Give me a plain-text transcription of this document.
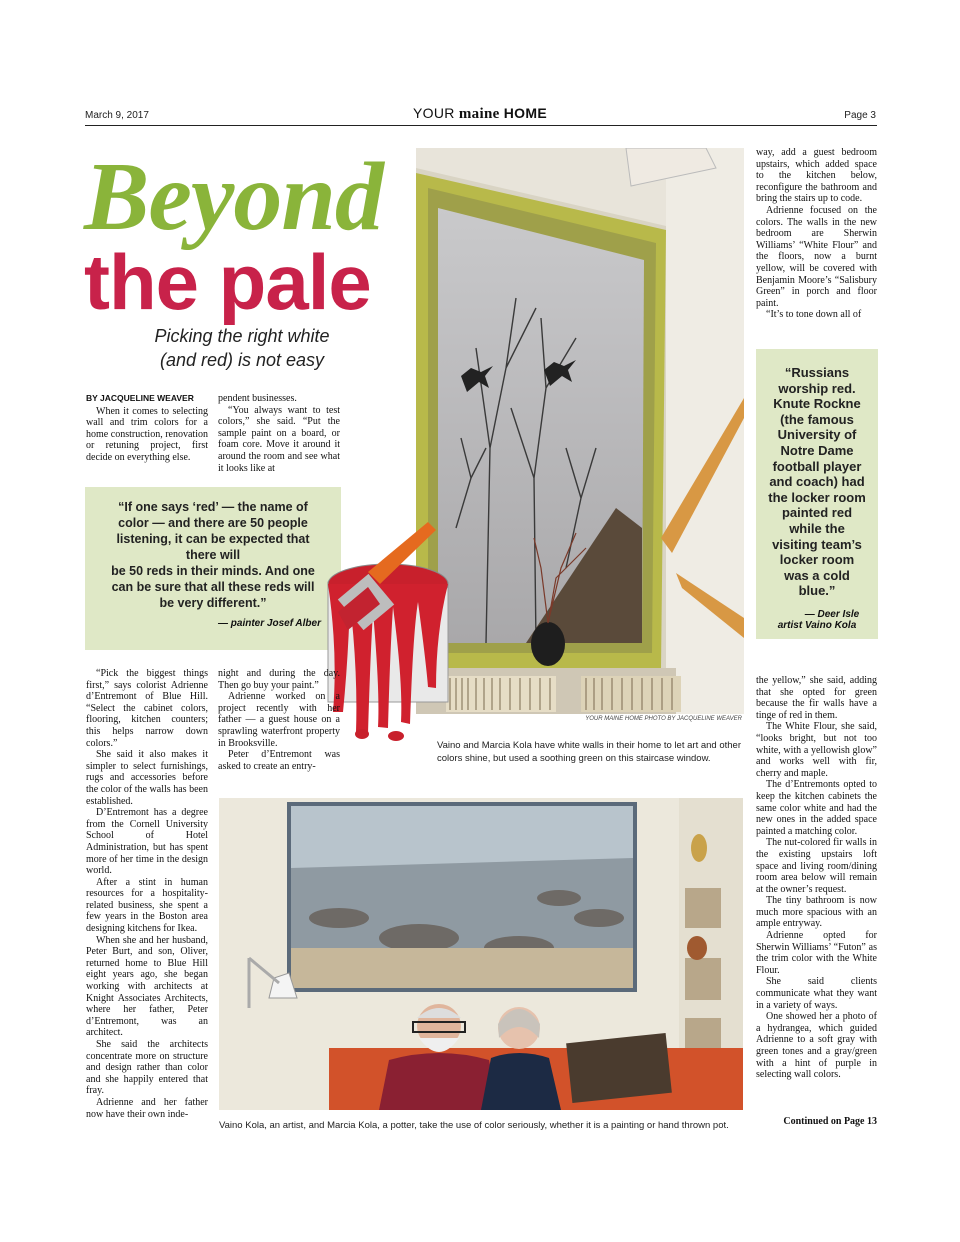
March 9, 2017	YOUR maine HOME	Page 3
Beyond
the pale
Picking the right white
(and red) is not easy
BY JACQUELINE WEAVER

When it comes to selecting wall and trim colors for a home construction, renovation or retuning project, first decide on everything else.

pendent businesses.

“You always want to test colors,” she said. “Put the sample paint on a board, or foam core. Move it around it around the room and see what it looks like at

“If one says ‘red’ — the name of color — and there are 50 people listening, it can be expected that there will
be 50 reds in their minds. And one can be sure that all these reds will be very different.”
— painter Josef Alber
YOUR MAINE HOME PHOTO BY JACQUELINE WEAVER
Vaino and Marcia Kola have white walls in their home to let art and other colors shine, but used a soothing green on this staircase window.

way, add a guest bedroom upstairs, which added space to the kitchen below, reconfigure the bathroom and bring the stairs up to code.

Adrienne focused on the colors. The walls in the new bedroom are Sherwin Williams’ “White Flour” and the floors, now a burnt yellow, will be covered with Benjamin Moore’s “Salisbury Green” in porch and floor paint.

“It’s to tone down all of

“Russians worship red. Knute Rockne (the famous University of Notre Dame football player and coach) had the locker room painted red while the visiting team’s locker room was a cold blue.”
— Deer Isle
artist Vaino Kola

the yellow,” she said, adding that she opted for green because the fir walls have a tinge of red in them.

The White Flour, she said, “looks bright, but not too white, with a yellowish glow” and works well with fir, cherry and maple.

The d’Entremonts opted to keep the kitchen cabinets the same color white and had the new ones in the added space painted a matching color.

The nut-colored fir walls in the existing upstairs loft space and living room/dining room area below will remain at the owner’s request.

The tiny bathroom is now much more spacious with an ample entryway.

Adrienne opted for Sherwin Williams’ “Futon” as the trim color with the White Flour.

She said clients communicate what they want in a variety of ways.

One showed her a photo of a hydrangea, which guided Adrienne to a soft gray with green tones and a gray/green with a hint of purple in selecting wall colors.

Continued on Page 13

“Pick the biggest things first,” says colorist Adrienne d’Entremont of Blue Hill. “Select the cabinet colors, flooring, kitchen counters; this helps narrow down colors.”

She said it also makes it simpler to select furnishings, rugs and accessories before the color of the walls has been established.

D’Entremont has a degree from the Cornell University School of Hotel Administration, but has spent more of her time in the design world.

After a stint in human resources for a hospitality-related business, she spent a few years in the Boston area designing kitchens for Ikea.

When she and her husband, Peter Burt, and son, Oliver, returned home to Blue Hill eight years ago, she began working with architects at Knight Associates Architects, where her father, Peter d’Entremont, was an architect.

She said the architects concentrate more on structure and design rather than color and she happily entered that fray.

Adrienne and her father now have their own inde-

night and during the day. Then go buy your paint.”

Adrienne worked on a project recently with her father — a guest house on a sprawling waterfront property in Brooksville.

Peter d’Entremont was asked to create an entry-

Vaino Kola, an artist, and Marcia Kola, a potter, take the use of color seriously, whether it is a painting or hand thrown pot.
